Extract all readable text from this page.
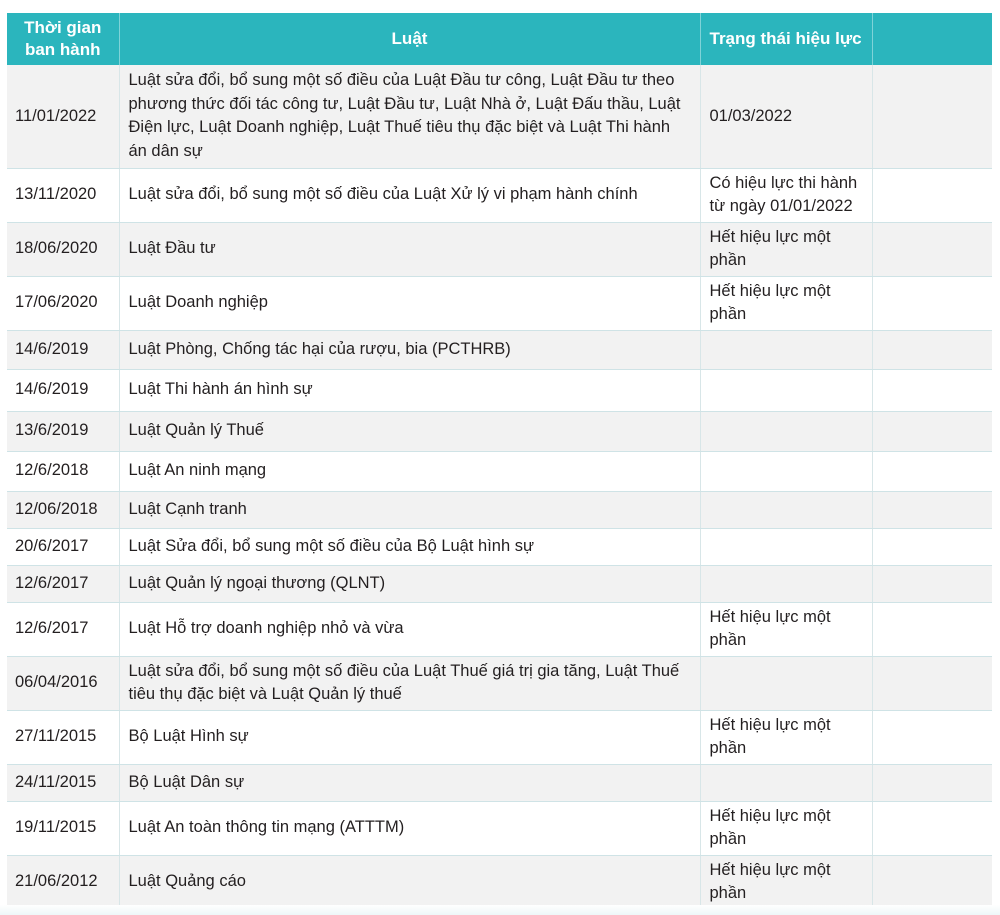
Thời gian ban hành	Luật	Trạng thái hiệu lực	
11/01/2022	Luật sửa đổi, bổ sung một số điều của Luật Đầu tư công, Luật Đầu tư theo phương thức đối tác công tư, Luật Đầu tư, Luật Nhà ở, Luật Đấu thầu, Luật Điện lực, Luật Doanh nghiệp, Luật Thuế tiêu thụ đặc biệt và Luật Thi hành án dân sự	01/03/2022	
13/11/2020	Luật sửa đổi, bổ sung một số điều của Luật Xử lý vi phạm hành chính	Có hiệu lực thi hành từ ngày 01/01/2022	
18/06/2020	Luật Đầu tư	Hết hiệu lực một phần	
17/06/2020	Luật Doanh nghiệp	Hết hiệu lực một phần	
14/6/2019	Luật Phòng, Chống tác hại của rượu, bia (PCTHRB)		
14/6/2019	Luật Thi hành án hình sự		
13/6/2019	Luật Quản lý Thuế		
12/6/2018	Luật An ninh mạng		
12/06/2018	Luật Cạnh tranh		
20/6/2017	Luật Sửa đổi, bổ sung một số điều của Bộ Luật hình sự		
12/6/2017	Luật Quản lý ngoại thương (QLNT)		
12/6/2017	Luật Hỗ trợ doanh nghiệp nhỏ và vừa	Hết hiệu lực một phần	
06/04/2016	Luật sửa đổi, bổ sung một số điều của Luật Thuế giá trị gia tăng, Luật Thuế tiêu thụ đặc biệt và Luật Quản lý thuế		
27/11/2015	Bộ Luật Hình sự	Hết hiệu lực một phần	
24/11/2015	Bộ Luật Dân sự		
19/11/2015	Luật An toàn thông tin mạng (ATTTM)	Hết hiệu lực một phần	
21/06/2012	Luật Quảng cáo	Hết hiệu lực một phần	
